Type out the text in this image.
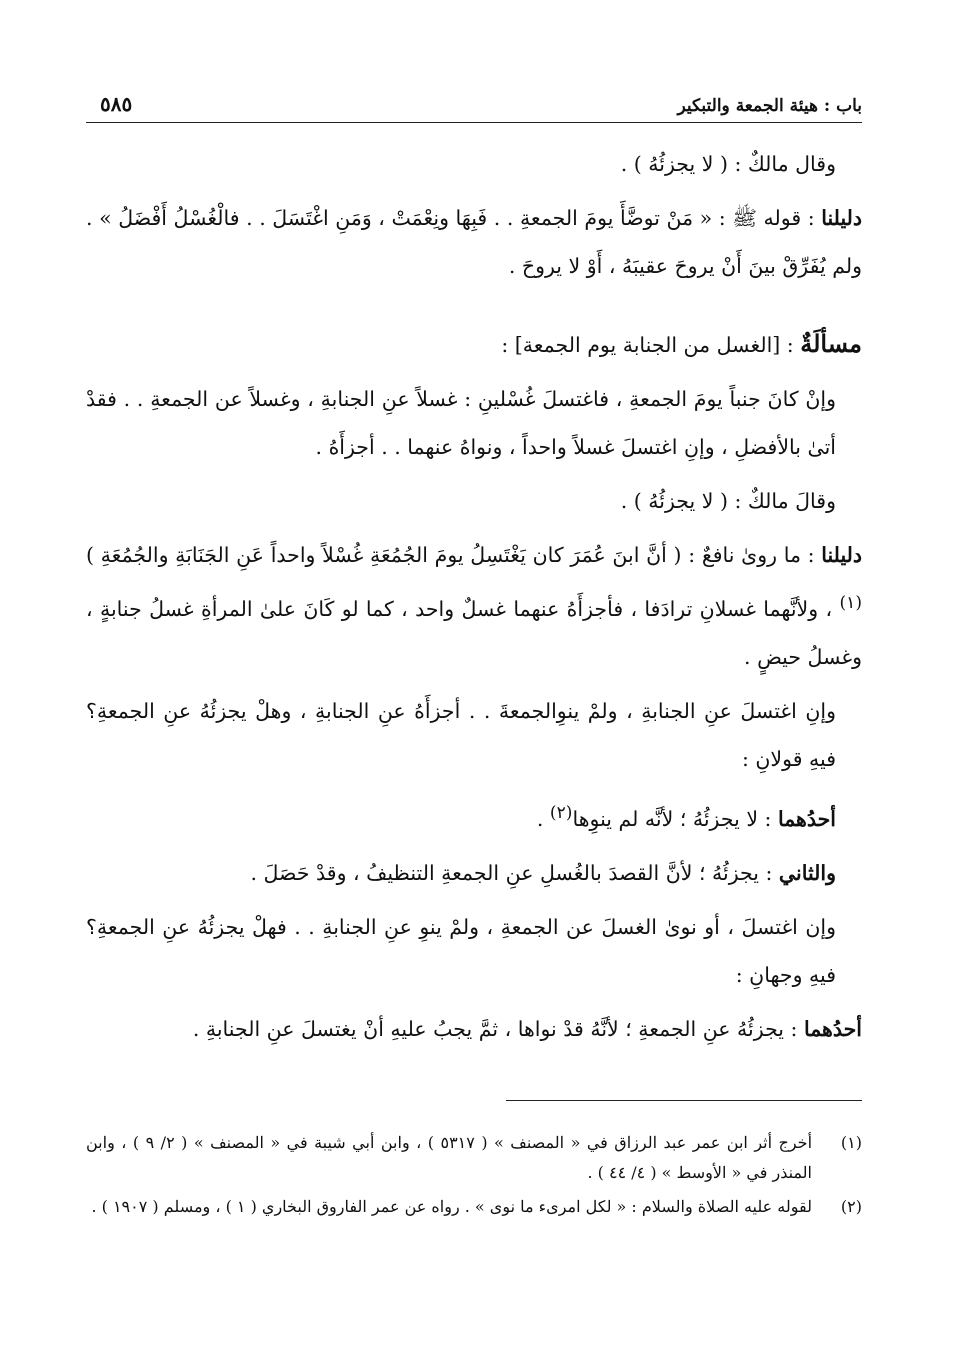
باب : هيئة الجمعة والتبكير
٥٨٥

وقال مالكٌ : ( لا يجزئُهُ ) .

دليلنا : قوله ﷺ : « مَنْ توضَّأَ يومَ الجمعةِ . . فَبِهَا ونِعْمَتْ ، وَمَنِ اغْتَسَلَ . . فالْغُسْلُ أَفْضَلُ » . ولم يُفَرِّقْ بينَ أَنْ يروحَ عقيبَهُ ، أَوْ لا يروحَ .

مسألَةٌ : [الغسل من الجنابة يوم الجمعة] :

وإنْ كانَ جنباً يومَ الجمعةِ ، فاغتسلَ غُسْلينِ : غسلاً عنِ الجنابةِ ، وغسلاً عن الجمعةِ . . فقدْ أتىٰ بالأفضلِ ، وإنِ اغتسلَ غسلاً واحداً ، ونواهُ عنهما . . أجزأَهُ .

وقالَ مالكٌ : ( لا يجزئُهُ ) .

دليلنا : ما روىٰ نافعٌ : ( أنَّ ابنَ عُمَرَ كان يَغْتَسِلُ يومَ الجُمُعَةِ غُسْلاً واحداً عَنِ الجَنَابَةِ والجُمُعَةِ )$^{(١)}$ ، ولأنَّهما غسلانِ ترادَفا ، فأجزأَهُ عنهما غسلٌ واحد ، كما لو كَانَ علىٰ المرأةِ غسلُ جنابةٍ ، وغسلُ حيضٍ .

وإنِ اغتسلَ عنِ الجنابةِ ، ولمْ ينوِالجمعةَ . . أجزأَهُ عنِ الجنابةِ ، وهلْ يجزئُهُ عنِ الجمعةِ؟ فيهِ قولانِ :

أحدُهما : لا يجزئُهُ ؛ لأنَّه لم ينوِها$^{(٢)}$ .

والثاني : يجزئُهُ ؛ لأنَّ القصدَ بالغُسلِ عنِ الجمعةِ التنظيفُ ، وقدْ حَصَلَ .

وإن اغتسلَ ، أو نوىٰ الغسلَ عن الجمعةِ ، ولمْ ينوِ عنِ الجنابةِ . . فهلْ يجزئُهُ عنِ الجمعةِ؟ فيهِ وجهانِ :

أحدُهما : يجزئُهُ عنِ الجمعةِ ؛ لأنَّهُ قدْ نواها ، ثمَّ يجبُ عليهِ أنْ يغتسلَ عنِ الجنابةِ .

(١)
أخرج أثر ابن عمر عبد الرزاق في « المصنف » ( ٥٣١٧ ) ، وابن أبي شيبة في « المصنف » ( ٢/ ٩ ) ، وابن المنذر في « الأوسط » ( ٤/ ٤٤ ) .
(٢)
لقوله عليه الصلاة والسلام : « لكل امرىء ما نوى » . رواه عن عمر الفاروق البخاري ( ١ ) ، ومسلم ( ١٩٠٧ ) .
